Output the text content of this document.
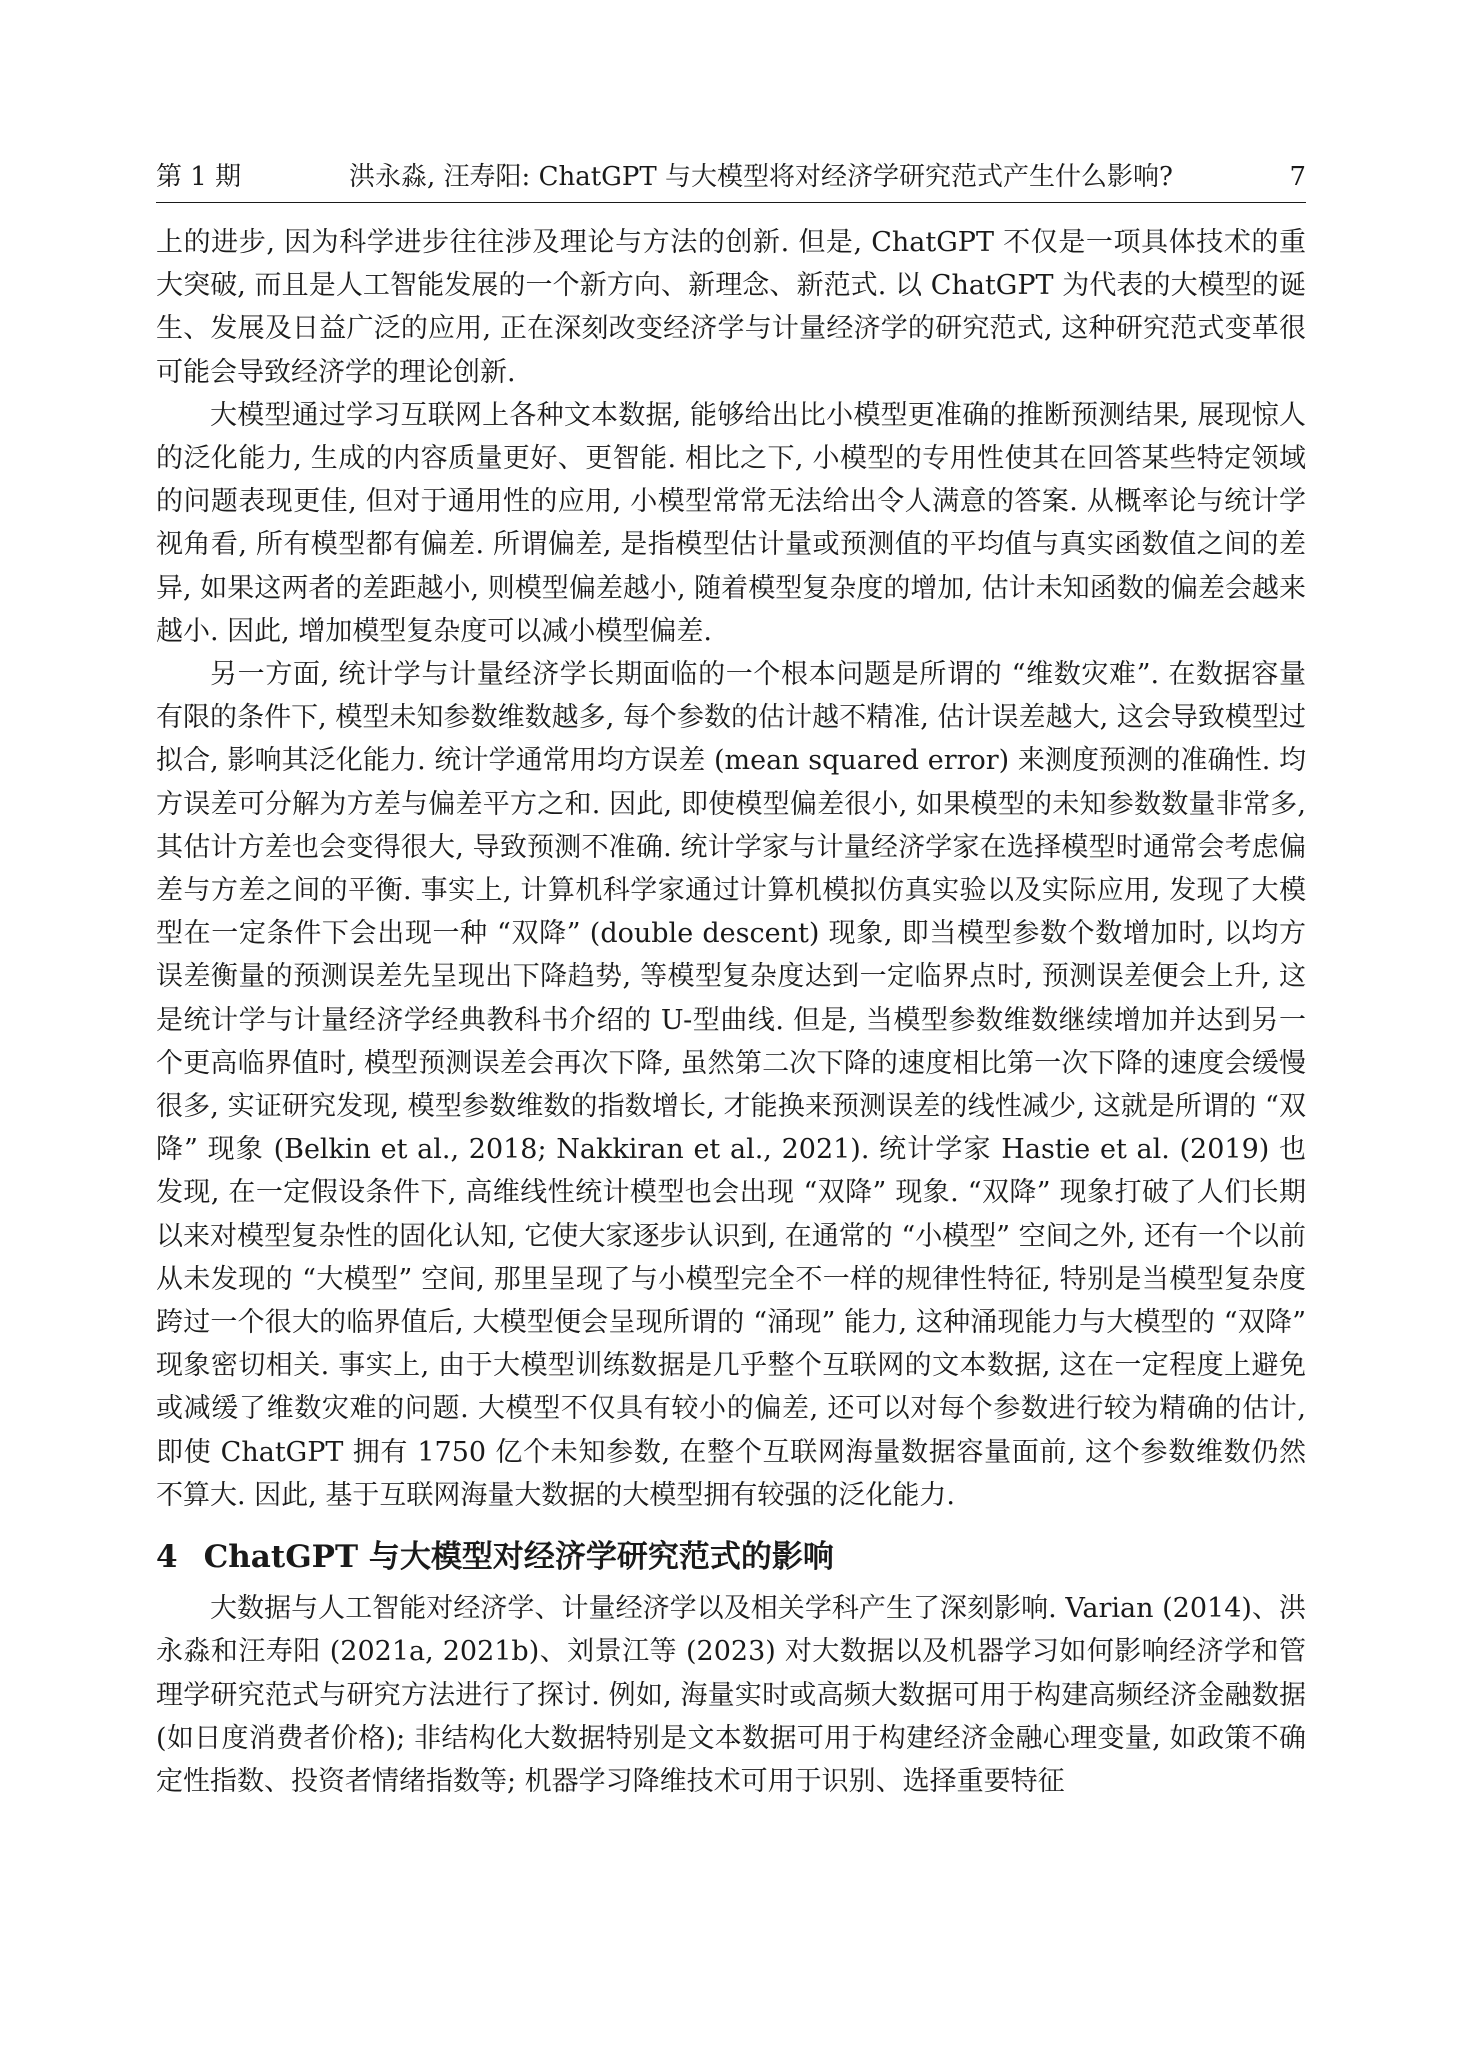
第 1 期	洪永淼, 汪寿阳: ChatGPT 与大模型将对经济学研究范式产生什么影响?	7

上的进步, 因为科学进步往往涉及理论与方法的创新. 但是, ChatGPT 不仅是一项具体技术的重大突破, 而且是人工智能发展的一个新方向、新理念、新范式. 以 ChatGPT 为代表的大模型的诞生、发展及日益广泛的应用, 正在深刻改变经济学与计量经济学的研究范式, 这种研究范式变革很可能会导致经济学的理论创新.

大模型通过学习互联网上各种文本数据, 能够给出比小模型更准确的推断预测结果, 展现惊人的泛化能力, 生成的内容质量更好、更智能. 相比之下, 小模型的专用性使其在回答某些特定领域的问题表现更佳, 但对于通用性的应用, 小模型常常无法给出令人满意的答案. 从概率论与统计学视角看, 所有模型都有偏差. 所谓偏差, 是指模型估计量或预测值的平均值与真实函数值之间的差异, 如果这两者的差距越小, 则模型偏差越小, 随着模型复杂度的增加, 估计未知函数的偏差会越来越小. 因此, 增加模型复杂度可以减小模型偏差.

另一方面, 统计学与计量经济学长期面临的一个根本问题是所谓的 “维数灾难”. 在数据容量有限的条件下, 模型未知参数维数越多, 每个参数的估计越不精准, 估计误差越大, 这会导致模型过拟合, 影响其泛化能力. 统计学通常用均方误差 (mean squared error) 来测度预测的准确性. 均方误差可分解为方差与偏差平方之和. 因此, 即使模型偏差很小, 如果模型的未知参数数量非常多, 其估计方差也会变得很大, 导致预测不准确. 统计学家与计量经济学家在选择模型时通常会考虑偏差与方差之间的平衡. 事实上, 计算机科学家通过计算机模拟仿真实验以及实际应用, 发现了大模型在一定条件下会出现一种 “双降” (double descent) 现象, 即当模型参数个数增加时, 以均方误差衡量的预测误差先呈现出下降趋势, 等模型复杂度达到一定临界点时, 预测误差便会上升, 这是统计学与计量经济学经典教科书介绍的 U-型曲线. 但是, 当模型参数维数继续增加并达到另一个更高临界值时, 模型预测误差会再次下降, 虽然第二次下降的速度相比第一次下降的速度会缓慢很多, 实证研究发现, 模型参数维数的指数增长, 才能换来预测误差的线性减少, 这就是所谓的 “双降” 现象 (Belkin et al., 2018; Nakkiran et al., 2021). 统计学家 Hastie et al. (2019) 也发现, 在一定假设条件下, 高维线性统计模型也会出现 “双降” 现象. “双降” 现象打破了人们长期以来对模型复杂性的固化认知, 它使大家逐步认识到, 在通常的 “小模型” 空间之外, 还有一个以前从未发现的 “大模型” 空间, 那里呈现了与小模型完全不一样的规律性特征, 特别是当模型复杂度跨过一个很大的临界值后, 大模型便会呈现所谓的 “涌现” 能力, 这种涌现能力与大模型的 “双降” 现象密切相关. 事实上, 由于大模型训练数据是几乎整个互联网的文本数据, 这在一定程度上避免或减缓了维数灾难的问题. 大模型不仅具有较小的偏差, 还可以对每个参数进行较为精确的估计, 即使 ChatGPT 拥有 1750 亿个未知参数, 在整个互联网海量数据容量面前, 这个参数维数仍然不算大. 因此, 基于互联网海量大数据的大模型拥有较强的泛化能力.

4 ChatGPT 与大模型对经济学研究范式的影响

大数据与人工智能对经济学、计量经济学以及相关学科产生了深刻影响. Varian (2014)、洪永淼和汪寿阳 (2021a, 2021b)、刘景江等 (2023) 对大数据以及机器学习如何影响经济学和管理学研究范式与研究方法进行了探讨. 例如, 海量实时或高频大数据可用于构建高频经济金融数据 (如日度消费者价格); 非结构化大数据特别是文本数据可用于构建经济金融心理变量, 如政策不确定性指数、投资者情绪指数等; 机器学习降维技术可用于识别、选择重要特征
